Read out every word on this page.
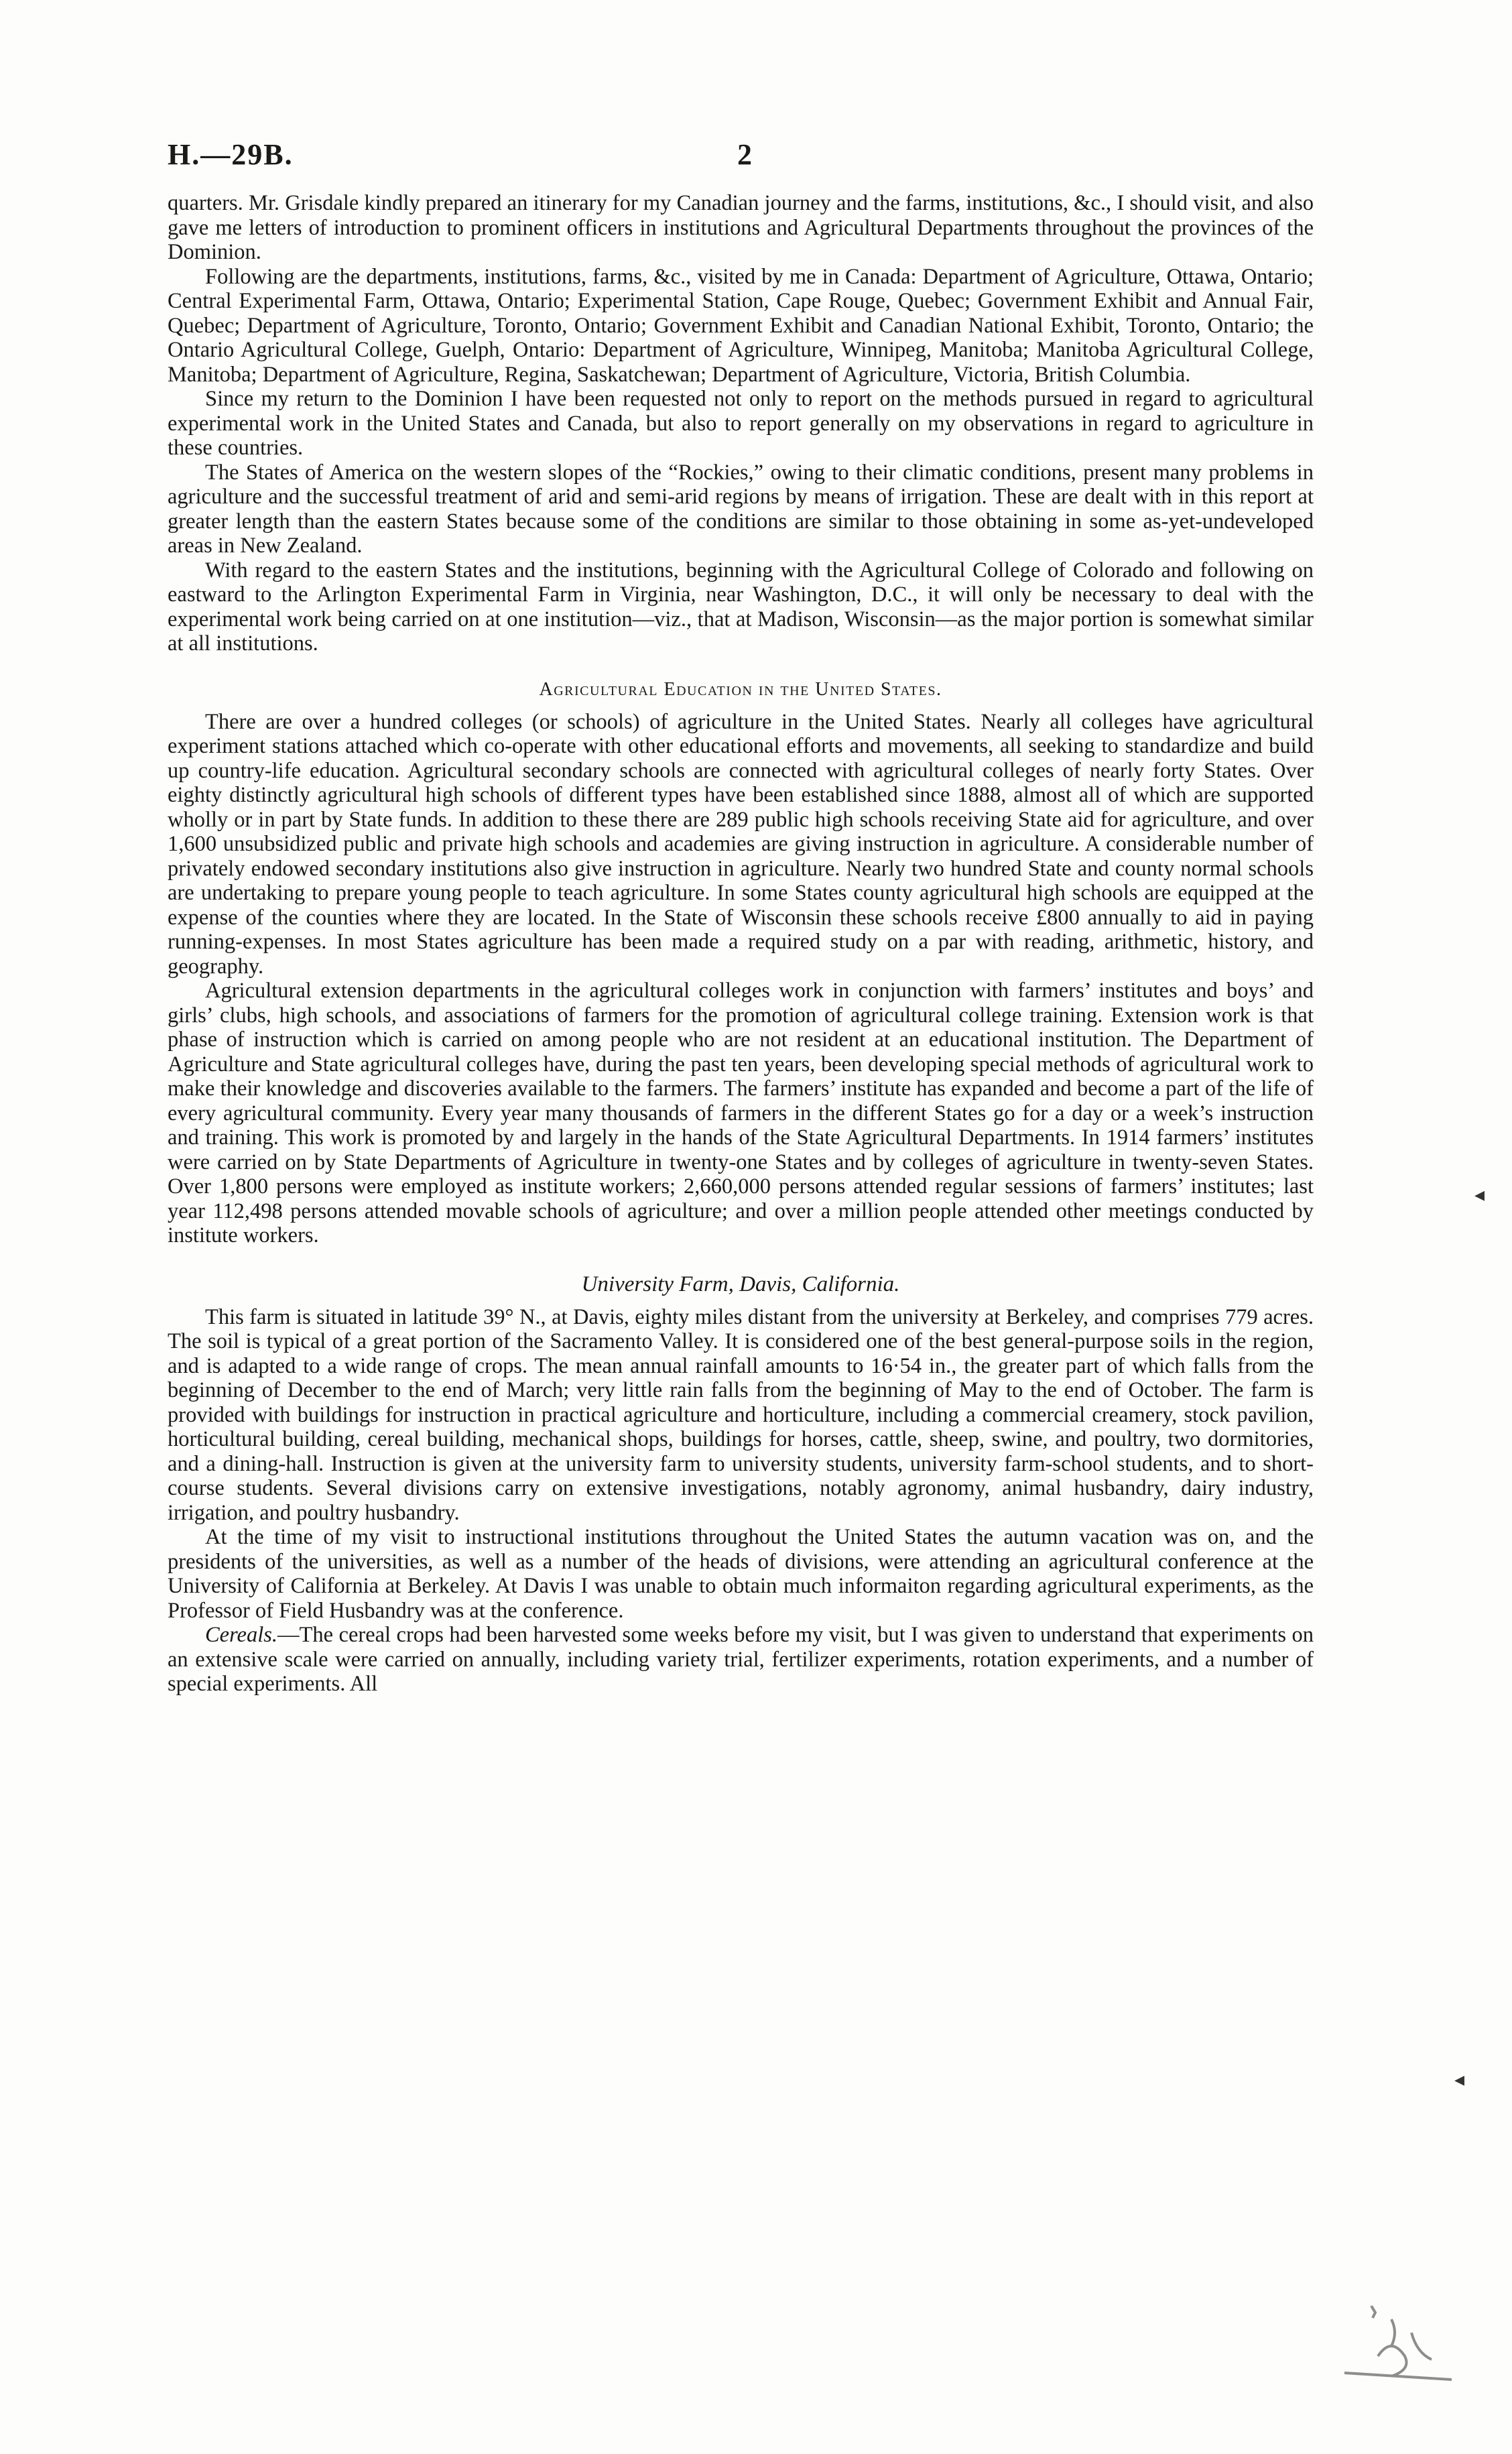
H.—29B.	2

quarters. Mr. Grisdale kindly prepared an itinerary for my Canadian journey and the farms, institutions, &c., I should visit, and also gave me letters of introduction to prominent officers in institutions and Agricultural Departments throughout the provinces of the Dominion.

Following are the departments, institutions, farms, &c., visited by me in Canada: Department of Agriculture, Ottawa, Ontario; Central Experimental Farm, Ottawa, Ontario; Experimental Station, Cape Rouge, Quebec; Government Exhibit and Annual Fair, Quebec; Department of Agriculture, Toronto, Ontario; Government Exhibit and Canadian National Exhibit, Toronto, Ontario; the Ontario Agricultural College, Guelph, Ontario: Department of Agriculture, Winnipeg, Manitoba; Manitoba Agricultural College, Manitoba; Department of Agriculture, Regina, Saskatchewan; Department of Agriculture, Victoria, British Columbia.

Since my return to the Dominion I have been requested not only to report on the methods pursued in regard to agricultural experimental work in the United States and Canada, but also to report generally on my observations in regard to agriculture in these countries.

The States of America on the western slopes of the “Rockies,” owing to their climatic conditions, present many problems in agriculture and the successful treatment of arid and semi-arid regions by means of irrigation. These are dealt with in this report at greater length than the eastern States because some of the conditions are similar to those obtaining in some as-yet-undeveloped areas in New Zealand.

With regard to the eastern States and the institutions, beginning with the Agricultural College of Colorado and following on eastward to the Arlington Experimental Farm in Virginia, near Washington, D.C., it will only be necessary to deal with the experimental work being carried on at one institution—viz., that at Madison, Wisconsin—as the major portion is somewhat similar at all institutions.

Agricultural Education in the United States.

There are over a hundred colleges (or schools) of agriculture in the United States. Nearly all colleges have agricultural experiment stations attached which co-operate with other educational efforts and movements, all seeking to standardize and build up country-life education. Agricultural secondary schools are connected with agricultural colleges of nearly forty States. Over eighty distinctly agricultural high schools of different types have been established since 1888, almost all of which are supported wholly or in part by State funds. In addition to these there are 289 public high schools receiving State aid for agriculture, and over 1,600 unsubsidized public and private high schools and academies are giving instruction in agriculture. A considerable number of privately endowed secondary institutions also give instruction in agriculture. Nearly two hundred State and county normal schools are undertaking to prepare young people to teach agriculture. In some States county agricultural high schools are equipped at the expense of the counties where they are located. In the State of Wisconsin these schools receive £800 annually to aid in paying running-expenses. In most States agriculture has been made a required study on a par with reading, arithmetic, history, and geography.

Agricultural extension departments in the agricultural colleges work in conjunction with farmers’ institutes and boys’ and girls’ clubs, high schools, and associations of farmers for the promotion of agricultural college training. Extension work is that phase of instruction which is carried on among people who are not resident at an educational institution. The Department of Agriculture and State agricultural colleges have, during the past ten years, been developing special methods of agricultural work to make their knowledge and discoveries available to the farmers. The farmers’ institute has expanded and become a part of the life of every agricultural community. Every year many thousands of farmers in the different States go for a day or a week’s instruction and training. This work is promoted by and largely in the hands of the State Agricultural Departments. In 1914 farmers’ institutes were carried on by State Departments of Agriculture in twenty-one States and by colleges of agriculture in twenty-seven States. Over 1,800 persons were employed as institute workers; 2,660,000 persons attended regular sessions of farmers’ institutes; last year 112,498 persons attended movable schools of agriculture; and over a million people attended other meetings conducted by institute workers.

University Farm, Davis, California.

This farm is situated in latitude 39° N., at Davis, eighty miles distant from the university at Berkeley, and comprises 779 acres. The soil is typical of a great portion of the Sacramento Valley. It is considered one of the best general-purpose soils in the region, and is adapted to a wide range of crops. The mean annual rainfall amounts to 16·54 in., the greater part of which falls from the beginning of December to the end of March; very little rain falls from the beginning of May to the end of October. The farm is provided with buildings for instruction in practical agriculture and horticulture, including a commercial creamery, stock pavilion, horticultural building, cereal building, mechanical shops, buildings for horses, cattle, sheep, swine, and poultry, two dormitories, and a dining-hall. Instruction is given at the university farm to university students, university farm-school students, and to short-course students. Several divisions carry on extensive investigations, notably agronomy, animal husbandry, dairy industry, irrigation, and poultry husbandry.

At the time of my visit to instructional institutions throughout the United States the autumn vacation was on, and the presidents of the universities, as well as a number of the heads of divisions, were attending an agricultural conference at the University of California at Berkeley. At Davis I was unable to obtain much informaiton regarding agricultural experiments, as the Professor of Field Husbandry was at the conference.

Cereals.—The cereal crops had been harvested some weeks before my visit, but I was given to understand that experiments on an extensive scale were carried on annually, including variety trial, fertilizer experiments, rotation experiments, and a number of special experiments. All

◂
◂
